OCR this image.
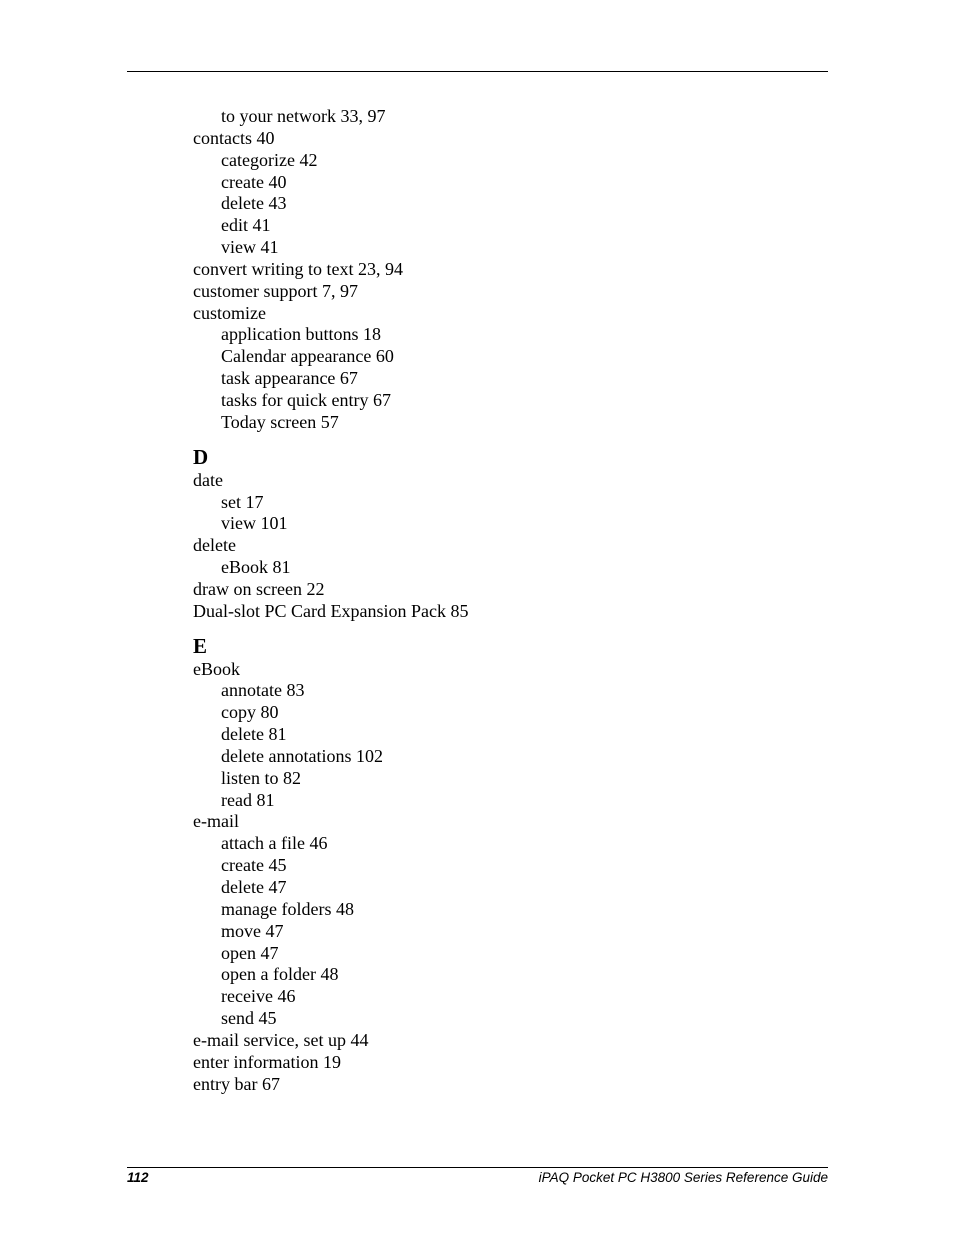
to your network 33, 97
contacts 40
categorize 42
create 40
delete 43
edit 41
view 41
convert writing to text 23, 94
customer support 7, 97
customize
application buttons 18
Calendar appearance 60
task appearance 67
tasks for quick entry 67
Today screen 57
D
date
set 17
view 101
delete
eBook 81
draw on screen 22
Dual-slot PC Card Expansion Pack 85
E
eBook
annotate 83
copy 80
delete 81
delete annotations 102
listen to 82
read 81
e-mail
attach a file 46
create 45
delete 47
manage folders 48
move 47
open 47
open a folder 48
receive 46
send 45
e-mail service, set up 44
enter information 19
entry bar 67
112	iPAQ Pocket PC H3800 Series Reference Guide
